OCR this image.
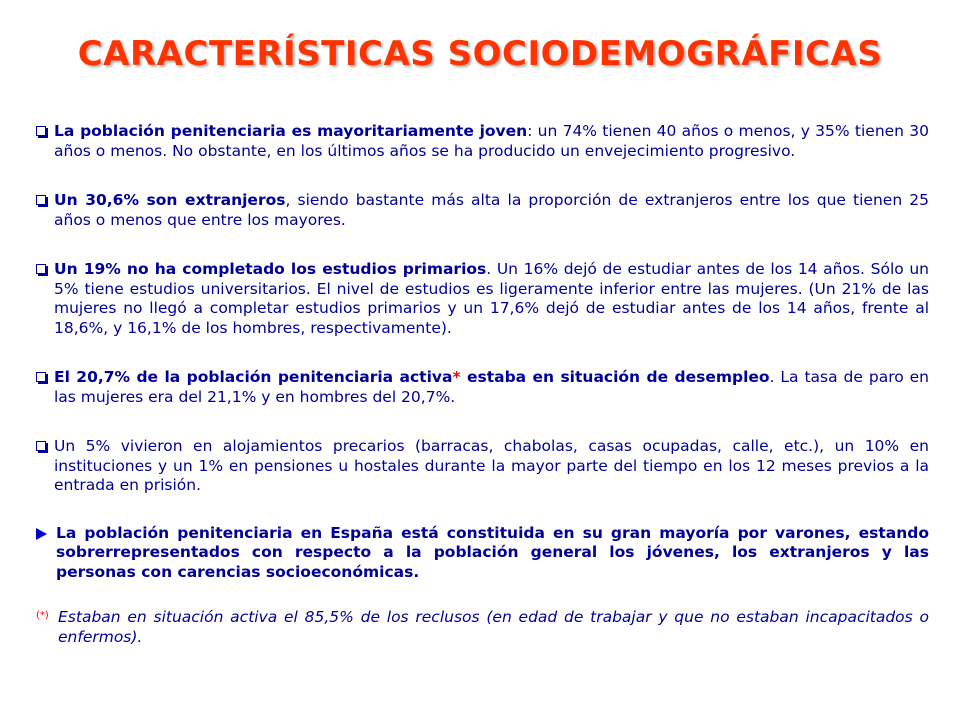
CARACTERÍSTICAS SOCIODEMOGRÁFICAS

La población penitenciaria es mayoritariamente joven: un 74% tienen 40 años o menos, y 35% tienen 30 años o menos. No obstante, en los últimos años se ha producido un envejecimiento progresivo.

Un 30,6% son extranjeros, siendo bastante más alta la proporción de extranjeros entre los que tienen 25 años o menos que entre los mayores.

Un 19% no ha completado los estudios primarios. Un 16% dejó de estudiar antes de los 14 años. Sólo un 5% tiene estudios universitarios. El nivel de estudios es ligeramente inferior entre las mujeres. (Un 21% de las mujeres no llegó a completar estudios primarios y un 17,6% dejó de estudiar antes de los 14 años, frente al 18,6%, y 16,1% de los hombres, respectivamente).

El 20,7% de la población penitenciaria activa* estaba en situación de desempleo. La tasa de paro en las mujeres era del 21,1% y en hombres del 20,7%.

Un 5% vivieron en alojamientos precarios (barracas, chabolas, casas ocupadas, calle, etc.), un 10% en instituciones y un 1% en pensiones u hostales durante la mayor parte del tiempo en los 12 meses previos a la entrada en prisión.

La población penitenciaria en España está constituida en su gran mayoría por varones, estando sobrerrepresentados con respecto a la población general los jóvenes, los extranjeros y las personas con carencias socioeconómicas.

(*) Estaban en situación activa el 85,5% de los reclusos (en edad de trabajar y que no estaban incapacitados o enfermos).
